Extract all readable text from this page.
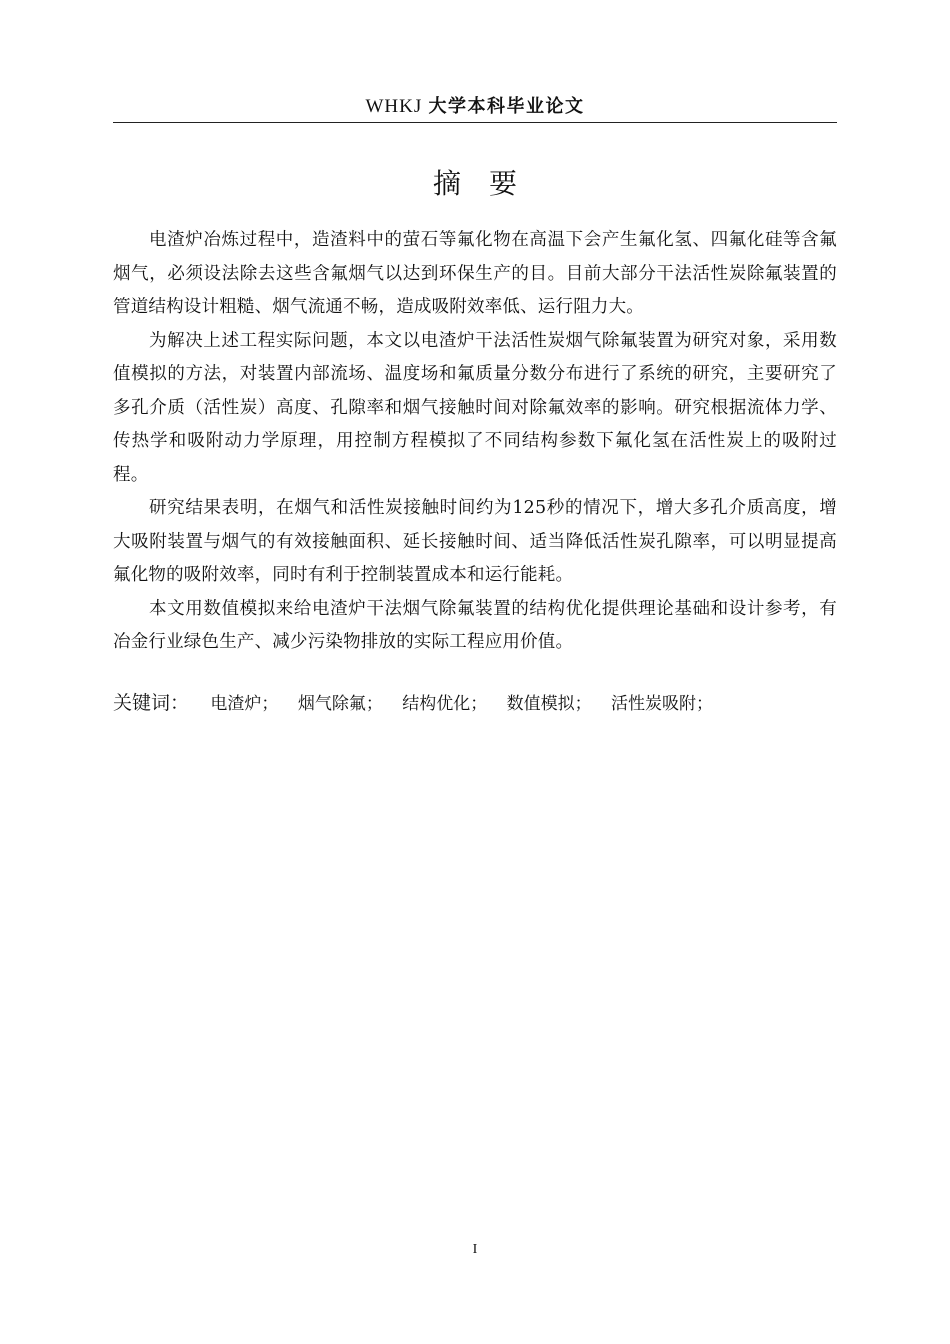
WHKJ 大学本科毕业论文
摘要

电渣炉冶炼过程中，造渣料中的萤石等氟化物在高温下会产生氟化氢、四氟化硅等含氟烟气，必须设法除去这些含氟烟气以达到环保生产的目。目前大部分干法活性炭除氟装置的管道结构设计粗糙、烟气流通不畅，造成吸附效率低、运行阻力大。

为解决上述工程实际问题，本文以电渣炉干法活性炭烟气除氟装置为研究对象，采用数值模拟的方法，对装置内部流场、温度场和氟质量分数分布进行了系统的研究，主要研究了多孔介质（活性炭）高度、孔隙率和烟气接触时间对除氟效率的影响。研究根据流体力学、传热学和吸附动力学原理，用控制方程模拟了不同结构参数下氟化氢在活性炭上的吸附过程。

研究结果表明，在烟气和活性炭接触时间约为125秒的情况下，增大多孔介质高度，增大吸附装置与烟气的有效接触面积、延长接触时间、适当降低活性炭孔隙率，可以明显提高氟化物的吸附效率，同时有利于控制装置成本和运行能耗。

本文用数值模拟来给电渣炉干法烟气除氟装置的结构优化提供理论基础和设计参考，有冶金行业绿色生产、减少污染物排放的实际工程应用价值。

关键词： 电渣炉； 烟气除氟； 结构优化； 数值模拟； 活性炭吸附；
I
